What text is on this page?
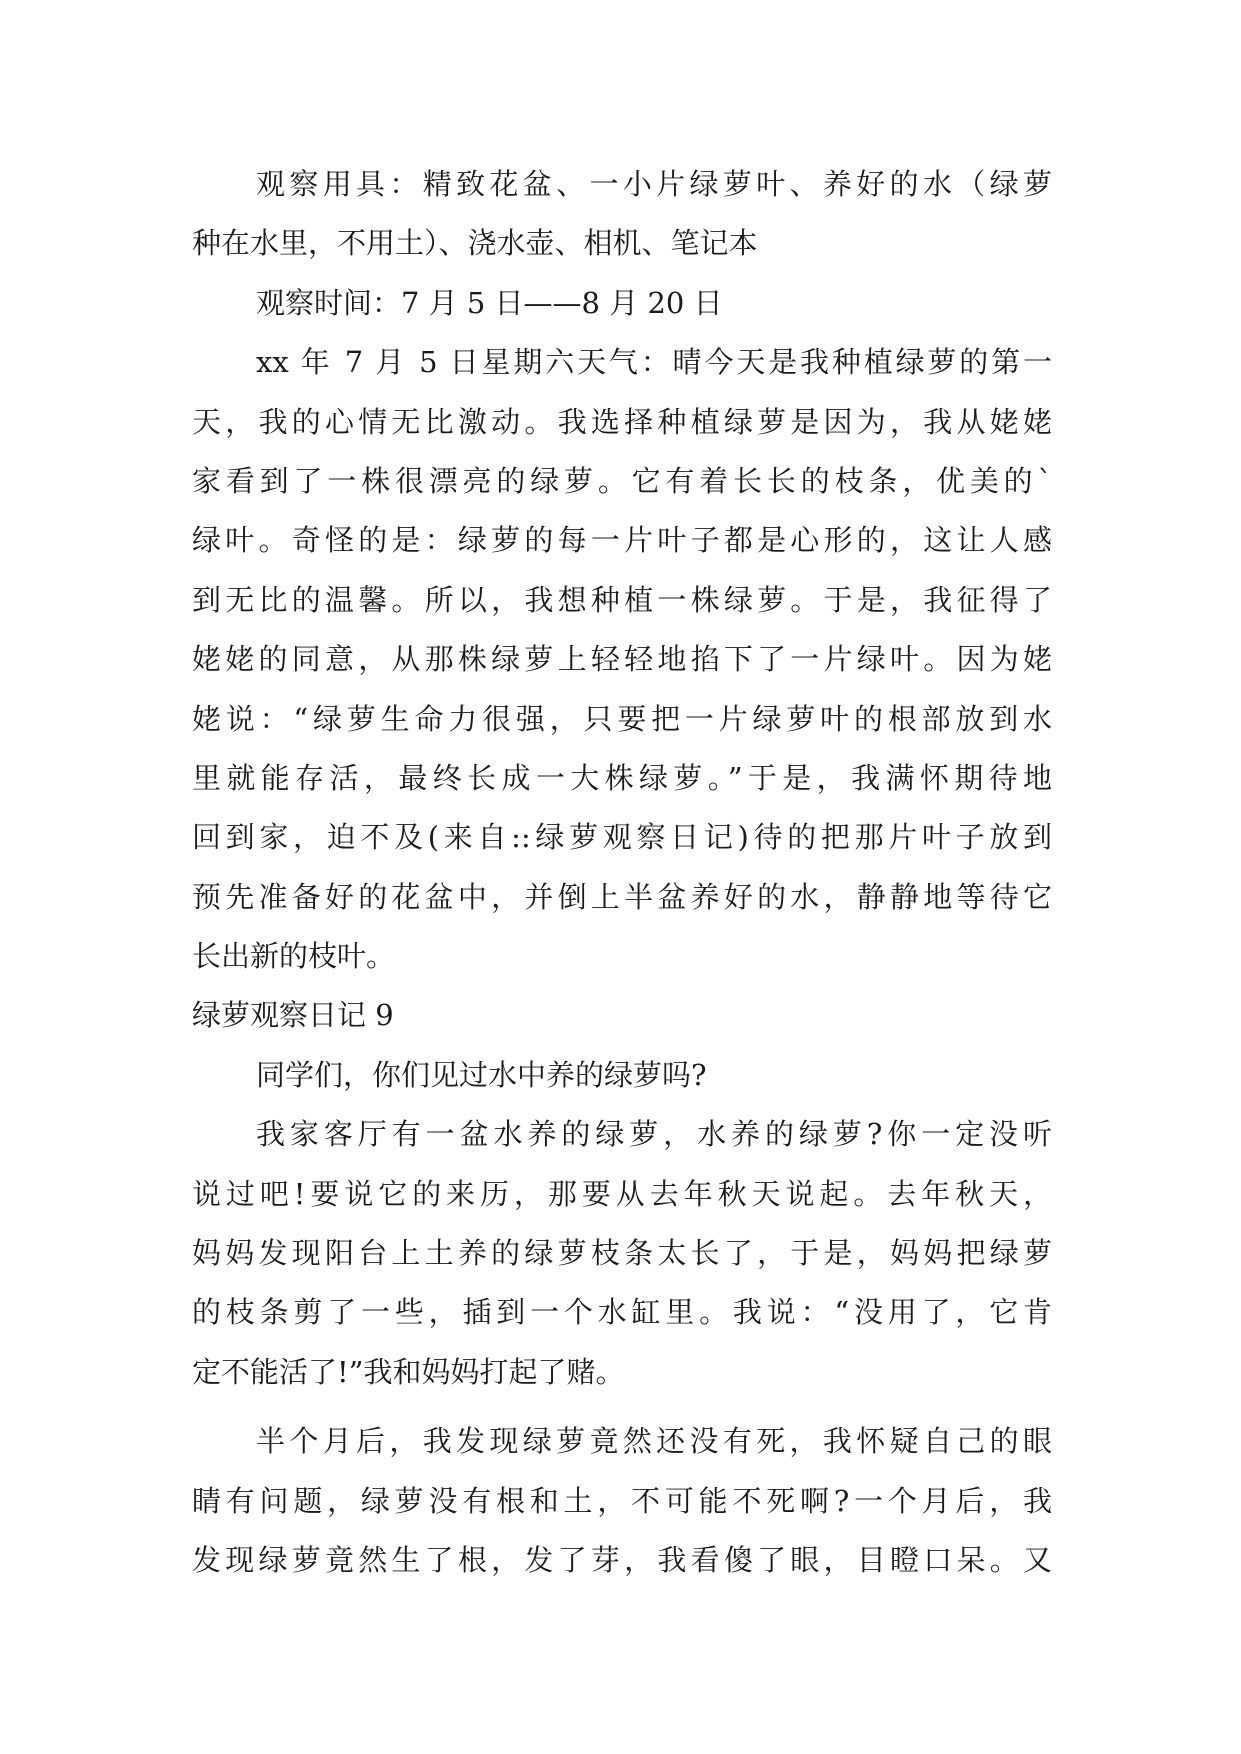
观察用具：精致花盆、一小片绿萝叶、养好的水（绿萝
种在水里，不用土）、浇水壶、相机、笔记本
观察时间：7 月 5 日——8 月 20 日
xx 年 7 月 5 日星期六天气：晴今天是我种植绿萝的第一
天，我的心情无比激动。我选择种植绿萝是因为，我从姥姥
家看到了一株很漂亮的绿萝。它有着长长的枝条，优美的`
绿叶。奇怪的是：绿萝的每一片叶子都是心形的，这让人感
到无比的温馨。所以，我想种植一株绿萝。于是，我征得了
姥姥的同意，从那株绿萝上轻轻地掐下了一片绿叶。因为姥
姥说：“绿萝生命力很强，只要把一片绿萝叶的根部放到水
里就能存活，最终长成一大株绿萝。”于是，我满怀期待地
回到家，迫不及(来自::绿萝观察日记)待的把那片叶子放到
预先准备好的花盆中，并倒上半盆养好的水，静静地等待它
长出新的枝叶。
绿萝观察日记 9
同学们，你们见过水中养的绿萝吗?
我家客厅有一盆水养的绿萝，水养的绿萝?你一定没听
说过吧!要说它的来历，那要从去年秋天说起。去年秋天，
妈妈发现阳台上土养的绿萝枝条太长了，于是，妈妈把绿萝
的枝条剪了一些，插到一个水缸里。我说：“没用了，它肯
定不能活了!”我和妈妈打起了赌。
半个月后，我发现绿萝竟然还没有死，我怀疑自己的眼
睛有问题，绿萝没有根和土，不可能不死啊?一个月后，我
发现绿萝竟然生了根，发了芽，我看傻了眼，目瞪口呆。又
